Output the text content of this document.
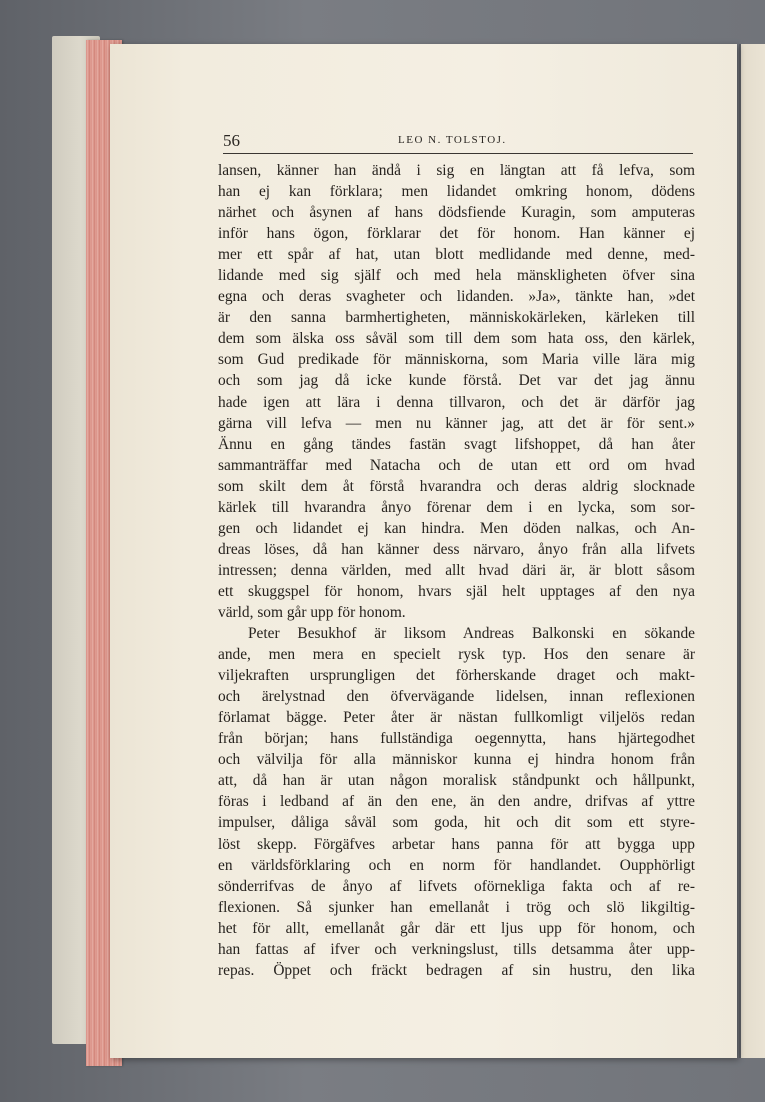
56	LEO N. TOLSTOJ.
lansen, känner han ändå i sig en längtan att få lefva, som
han ej kan förklara; men lidandet omkring honom, dödens
närhet och åsynen af hans dödsfiende Kuragin, som amputeras
inför hans ögon, förklarar det för honom. Han känner ej
mer ett spår af hat, utan blott medlidande med denne, med-
lidande med sig själf och med hela mänskligheten öfver sina
egna och deras svagheter och lidanden. »Ja», tänkte han, »det
är den sanna barmhertigheten, människokärleken, kärleken till
dem som älska oss såväl som till dem som hata oss, den kärlek,
som Gud predikade för människorna, som Maria ville lära mig
och som jag då icke kunde förstå. Det var det jag ännu
hade igen att lära i denna tillvaron, och det är därför jag
gärna vill lefva — men nu känner jag, att det är för sent.»
Ännu en gång tändes fastän svagt lifshoppet, då han åter
sammanträffar med Natacha och de utan ett ord om hvad
som skilt dem åt förstå hvarandra och deras aldrig slocknade
kärlek till hvarandra ånyo förenar dem i en lycka, som sor-
gen och lidandet ej kan hindra. Men döden nalkas, och An-
dreas löses, då han känner dess närvaro, ånyo från alla lifvets
intressen; denna världen, med allt hvad däri är, är blott såsom
ett skuggspel för honom, hvars själ helt upptages af den nya
värld, som går upp för honom.
Peter Besukhof är liksom Andreas Balkonski en sökande
ande, men mera en specielt rysk typ. Hos den senare är
viljekraften ursprungligen det förherskande draget och makt-
och ärelystnad den öfvervägande lidelsen, innan reflexionen
förlamat bägge. Peter åter är nästan fullkomligt viljelös redan
från början; hans fullständiga oegennytta, hans hjärtegodhet
och välvilja för alla människor kunna ej hindra honom från
att, då han är utan någon moralisk ståndpunkt och hållpunkt,
föras i ledband af än den ene, än den andre, drifvas af yttre
impulser, dåliga såväl som goda, hit och dit som ett styre-
löst skepp. Förgäfves arbetar hans panna för att bygga upp
en världsförklaring och en norm för handlandet. Oupphörligt
sönderrifvas de ånyo af lifvets oförnekliga fakta och af re-
flexionen. Så sjunker han emellanåt i trög och slö likgiltig-
het för allt, emellanåt går där ett ljus upp för honom, och
han fattas af ifver och verkningslust, tills detsamma åter upp-
repas. Öppet och fräckt bedragen af sin hustru, den lika
